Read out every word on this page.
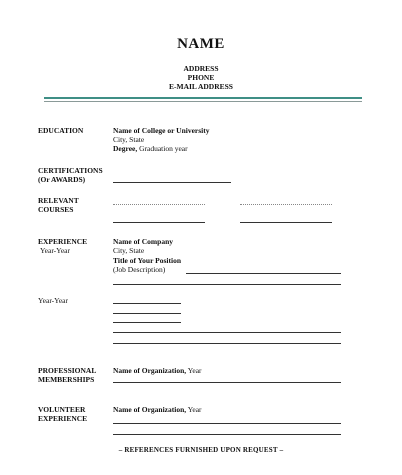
NAME
ADDRESS
PHONE
E-MAIL ADDRESS
EDUCATION	Name of College or University
City, State
Degree, Graduation year
CERTIFICATIONS
(Or AWARDS)
RELEVANT
COURSES
EXPERIENCE
Year-Year
Name of Company
City, State
Title of Your Position
(Job Description)
Year-Year
PROFESSIONAL
MEMBERSHIPS
Name of Organization, Year
VOLUNTEER
EXPERIENCE
Name of Organization, Year
– REFERENCES FURNISHED UPON REQUEST –
